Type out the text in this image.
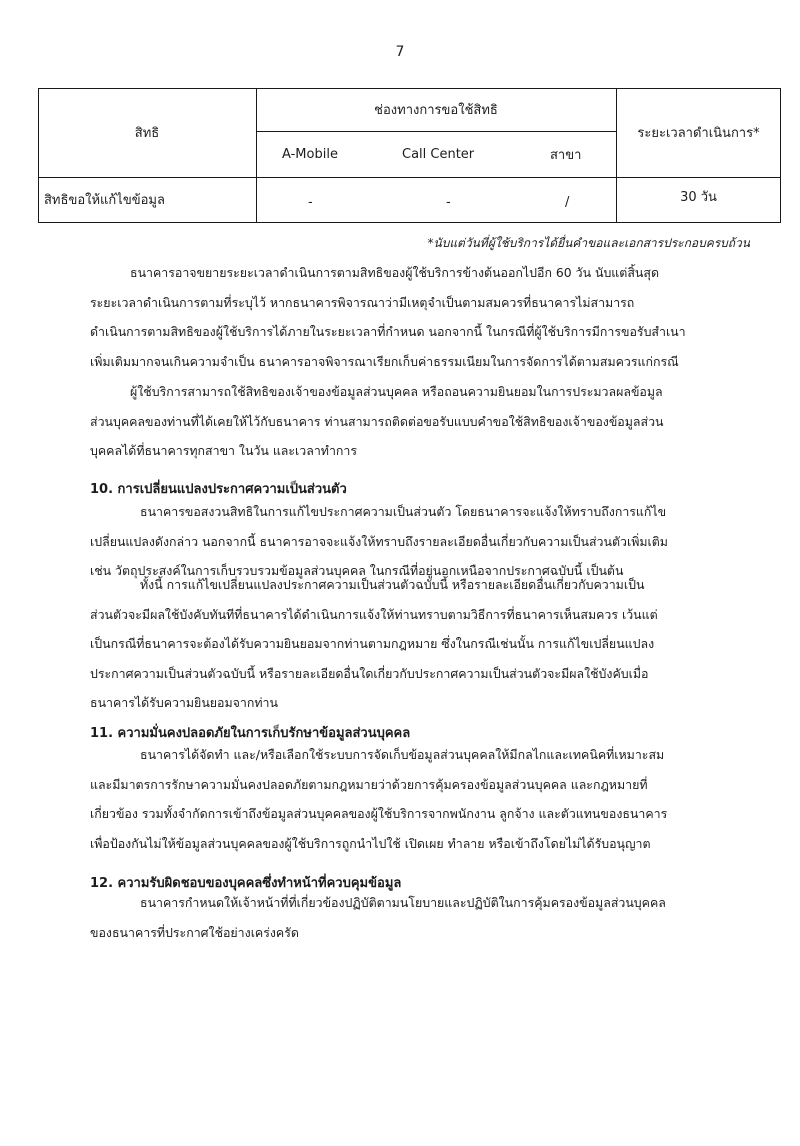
7
สิทธิ
ช่องทางการขอใช้สิทธิ
A-Mobile	Call Center	สาขา
ระยะเวลาดำเนินการ*
สิทธิขอให้แก้ไขข้อมูล	-	-	/	30 วัน
*นับแต่วันที่ผู้ใช้บริการได้ยื่นคำขอและเอกสารประกอบครบถ้วน
ธนาคารอาจขยายระยะเวลาดำเนินการตามสิทธิของผู้ใช้บริการข้างต้นออกไปอีก 60 วัน นับแต่สิ้นสุด
ระยะเวลาดำเนินการตามที่ระบุไว้ หากธนาคารพิจารณาว่ามีเหตุจำเป็นตามสมควรที่ธนาคารไม่สามารถ
ดำเนินการตามสิทธิของผู้ใช้บริการได้ภายในระยะเวลาที่กำหนด นอกจากนี้ ในกรณีที่ผู้ใช้บริการมีการขอรับสำเนา
เพิ่มเติมมากจนเกินความจำเป็น ธนาคารอาจพิจารณาเรียกเก็บค่าธรรมเนียมในการจัดการได้ตามสมควรแก่กรณี
ผู้ใช้บริการสามารถใช้สิทธิของเจ้าของข้อมูลส่วนบุคคล หรือถอนความยินยอมในการประมวลผลข้อมูล
ส่วนบุคคลของท่านที่ได้เคยให้ไว้กับธนาคาร ท่านสามารถติดต่อขอรับแบบคำขอใช้สิทธิของเจ้าของข้อมูลส่วน
บุคคลได้ที่ธนาคารทุกสาขา ในวัน และเวลาทำการ
10. การเปลี่ยนแปลงประกาศความเป็นส่วนตัว
ธนาคารขอสงวนสิทธิในการแก้ไขประกาศความเป็นส่วนตัว โดยธนาคารจะแจ้งให้ทราบถึงการแก้ไข
เปลี่ยนแปลงดังกล่าว นอกจากนี้ ธนาคารอาจจะแจ้งให้ทราบถึงรายละเอียดอื่นเกี่ยวกับความเป็นส่วนตัวเพิ่มเติม
เช่น วัตถุประสงค์ในการเก็บรวบรวมข้อมูลส่วนบุคคล ในกรณีที่อยู่นอกเหนือจากประกาศฉบับนี้ เป็นต้น
ทั้งนี้ การแก้ไขเปลี่ยนแปลงประกาศความเป็นส่วนตัวฉบับนี้ หรือรายละเอียดอื่นเกี่ยวกับความเป็น
ส่วนตัวจะมีผลใช้บังคับทันทีที่ธนาคารได้ดำเนินการแจ้งให้ท่านทราบตามวิธีการที่ธนาคารเห็นสมควร เว้นแต่
เป็นกรณีที่ธนาคารจะต้องได้รับความยินยอมจากท่านตามกฎหมาย ซึ่งในกรณีเช่นนั้น การแก้ไขเปลี่ยนแปลง
ประกาศความเป็นส่วนตัวฉบับนี้ หรือรายละเอียดอื่นใดเกี่ยวกับประกาศความเป็นส่วนตัวจะมีผลใช้บังคับเมื่อ
ธนาคารได้รับความยินยอมจากท่าน
11. ความมั่นคงปลอดภัยในการเก็บรักษาข้อมูลส่วนบุคคล
ธนาคารได้จัดทำ และ/หรือเลือกใช้ระบบการจัดเก็บข้อมูลส่วนบุคคลให้มีกลไกและเทคนิคที่เหมาะสม
และมีมาตรการรักษาความมั่นคงปลอดภัยตามกฎหมายว่าด้วยการคุ้มครองข้อมูลส่วนบุคคล และกฎหมายที่
เกี่ยวข้อง รวมทั้งจำกัดการเข้าถึงข้อมูลส่วนบุคคลของผู้ใช้บริการจากพนักงาน ลูกจ้าง และตัวแทนของธนาคาร
เพื่อป้องกันไม่ให้ข้อมูลส่วนบุคคลของผู้ใช้บริการถูกนำไปใช้ เปิดเผย ทำลาย หรือเข้าถึงโดยไม่ได้รับอนุญาต
12. ความรับผิดชอบของบุคคลซึ่งทำหน้าที่ควบคุมข้อมูล
ธนาคารกำหนดให้เจ้าหน้าที่ที่เกี่ยวข้องปฏิบัติตามนโยบายและปฏิบัติในการคุ้มครองข้อมูลส่วนบุคคล
ของธนาคารที่ประกาศใช้อย่างเคร่งครัด
